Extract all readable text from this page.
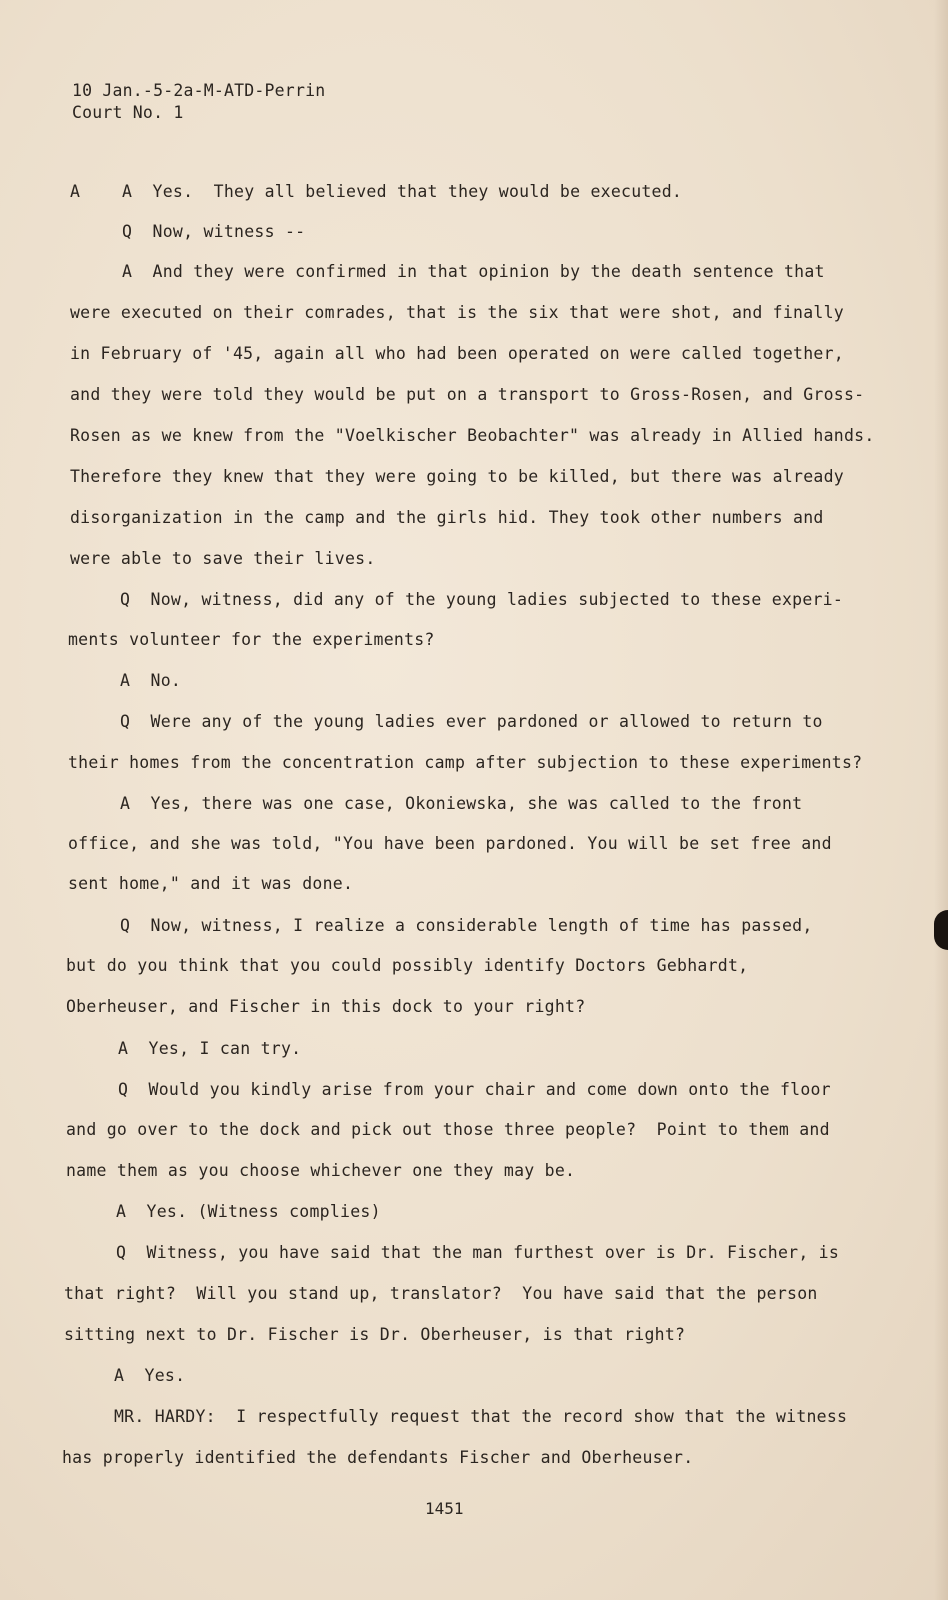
10 Jan.-5-2a-M-ATD-Perrin
Court No. 1
A	A  Yes.  They all believed that they would be executed.
Q  Now, witness --
A  And they were confirmed in that opinion by the death sentence that
were executed on their comrades, that is the six that were shot, and finally
in February of '45, again all who had been operated on were called together,
and they were told they would be put on a transport to Gross-Rosen, and Gross-
Rosen as we knew from the "Voelkischer Beobachter" was already in Allied hands.
Therefore they knew that they were going to be killed, but there was already
disorganization in the camp and the girls hid. They took other numbers and
were able to save their lives.
Q  Now, witness, did any of the young ladies subjected to these experi-
ments volunteer for the experiments?
A  No.
Q  Were any of the young ladies ever pardoned or allowed to return to
their homes from the concentration camp after subjection to these experiments?
A  Yes, there was one case, Okoniewska, she was called to the front
office, and she was told, "You have been pardoned. You will be set free and
sent home," and it was done.
Q  Now, witness, I realize a considerable length of time has passed,
but do you think that you could possibly identify Doctors Gebhardt,
Oberheuser, and Fischer in this dock to your right?
A  Yes, I can try.
Q  Would you kindly arise from your chair and come down onto the floor
and go over to the dock and pick out those three people?  Point to them and
name them as you choose whichever one they may be.
A  Yes. (Witness complies)
Q  Witness, you have said that the man furthest over is Dr. Fischer, is
that right?  Will you stand up, translator?  You have said that the person
sitting next to Dr. Fischer is Dr. Oberheuser, is that right?
A  Yes.
MR. HARDY:  I respectfully request that the record show that the witness
has properly identified the defendants Fischer and Oberheuser.
1451
